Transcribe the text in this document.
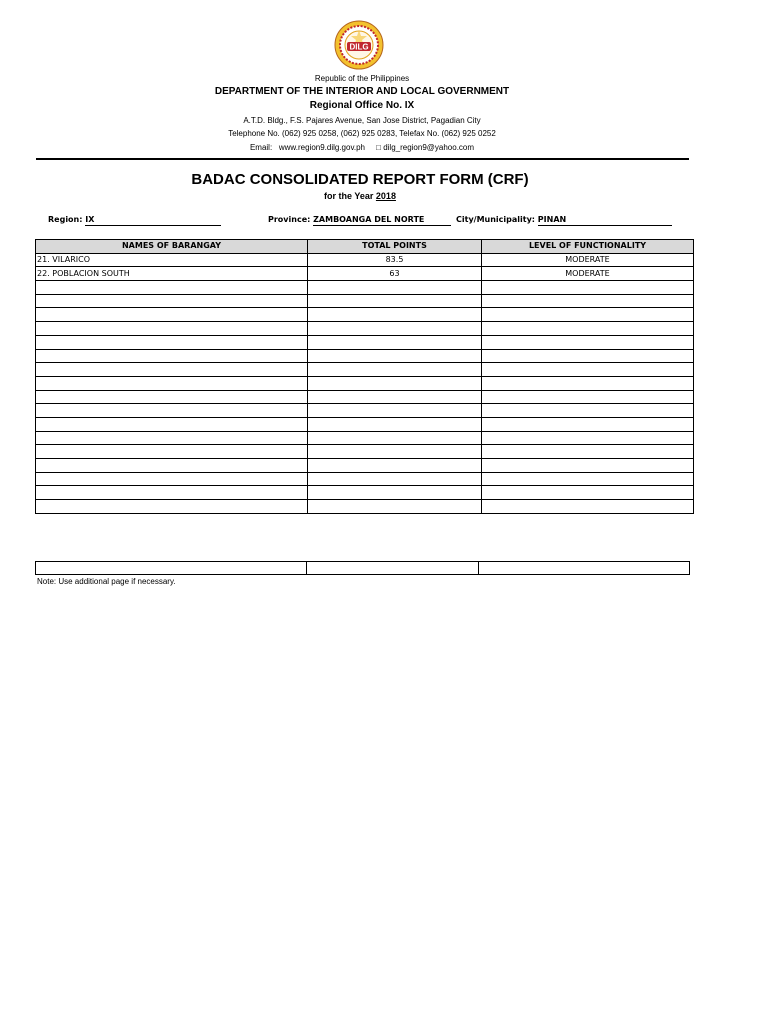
DILG
Republic of the Philippines
DEPARTMENT OF THE INTERIOR AND LOCAL GOVERNMENT
Regional Office No. IX
A.T.D. Bldg., F.S. Pajares Avenue, San Jose District, Pagadian City
Telephone No. (062) 925 0258, (062) 925 0283, Telefax No. (062) 925 0252
Email: www.region9.dilg.gov.ph □ dilg_region9@yahoo.com
BADAC CONSOLIDATED REPORT FORM (CRF)
for the Year 2018
Region: IX	Province: ZAMBOANGA DEL NORTE	City/Municipality: PINAN
NAMES OF BARANGAY	TOTAL POINTS	LEVEL OF FUNCTIONALITY
21. VILARICO	83.5	MODERATE
22. POBLACION SOUTH	63	MODERATE

Note: Use additional page if necessary.
